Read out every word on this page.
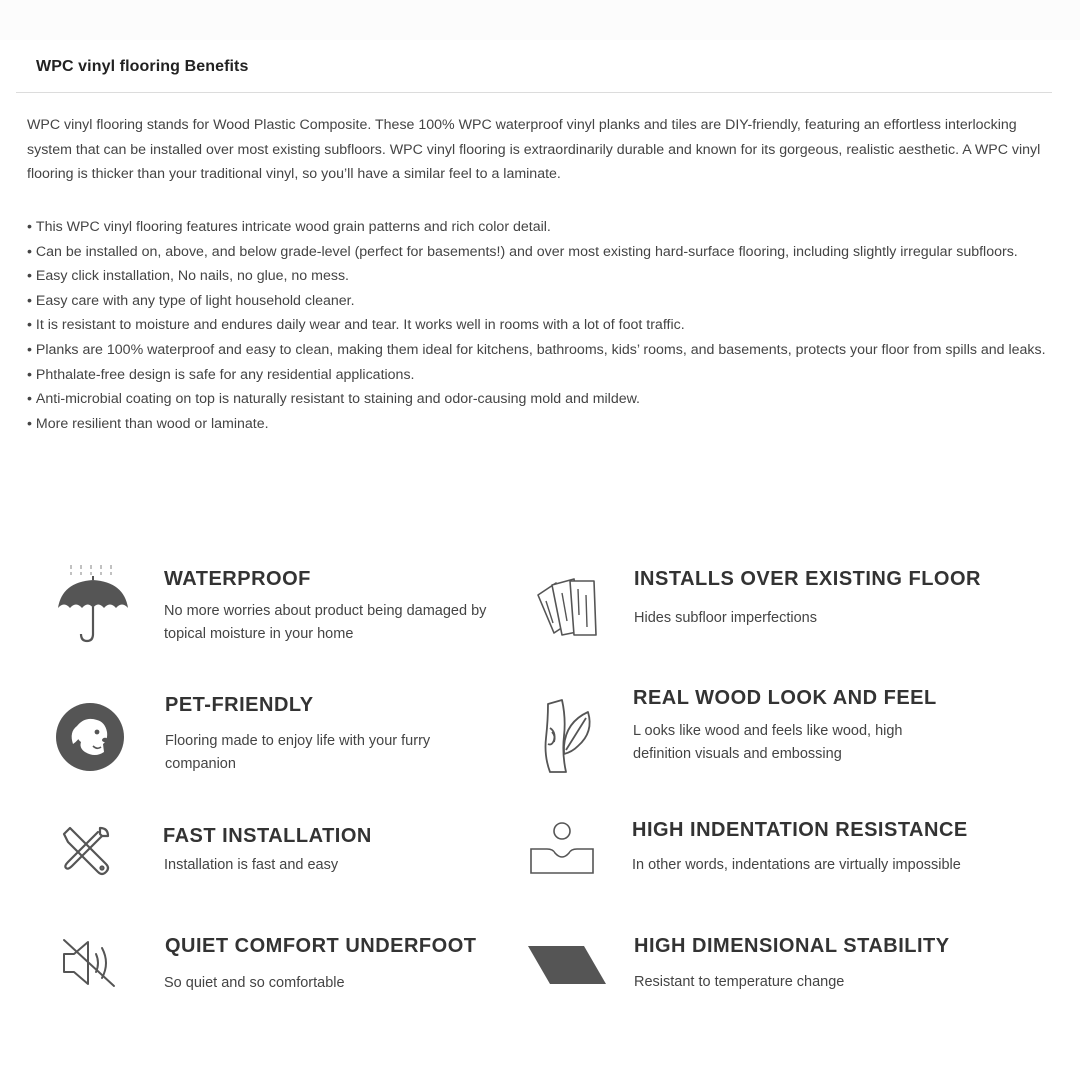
WPC vinyl flooring Benefits

WPC vinyl flooring stands for Wood Plastic Composite. These 100% WPC waterproof vinyl planks and tiles are DIY-friendly, featuring an effortless interlocking system that can be installed over most existing subfloors. WPC vinyl flooring is extraordinarily durable and known for its gorgeous, realistic aesthetic. A WPC vinyl flooring is thicker than your traditional vinyl, so you’ll have a similar feel to a laminate.

• This WPC vinyl flooring features intricate wood grain patterns and rich color detail.
• Can be installed on, above, and below grade-level (perfect for basements!) and over most existing hard-surface flooring, including slightly irregular subfloors.
• Easy click installation, No nails, no glue, no mess.
• Easy care with any type of light household cleaner.
• It is resistant to moisture and endures daily wear and tear. It works well in rooms with a lot of foot traffic.
• Planks are 100% waterproof and easy to clean, making them ideal for kitchens, bathrooms, kids’ rooms, and basements, protects your floor from spills and leaks.
• Phthalate-free design is safe for any residential applications.
• Anti-microbial coating on top is naturally resistant to staining and odor-causing mold and mildew.
• More resilient than wood or laminate.
WATERPROOF

No more worries about product being damaged by topical moisture in your home

INSTALLS OVER EXISTING FLOOR

Hides subfloor imperfections

PET-FRIENDLY

Flooring made to enjoy life with your furry companion

REAL WOOD LOOK AND FEEL

L ooks like wood and feels like wood, high definition visuals and embossing

FAST INSTALLATION

Installation is fast and easy

HIGH INDENTATION RESISTANCE

In other words, indentations are virtually impossible

QUIET COMFORT UNDERFOOT

So quiet and so comfortable

HIGH DIMENSIONAL STABILITY

Resistant to temperature change
